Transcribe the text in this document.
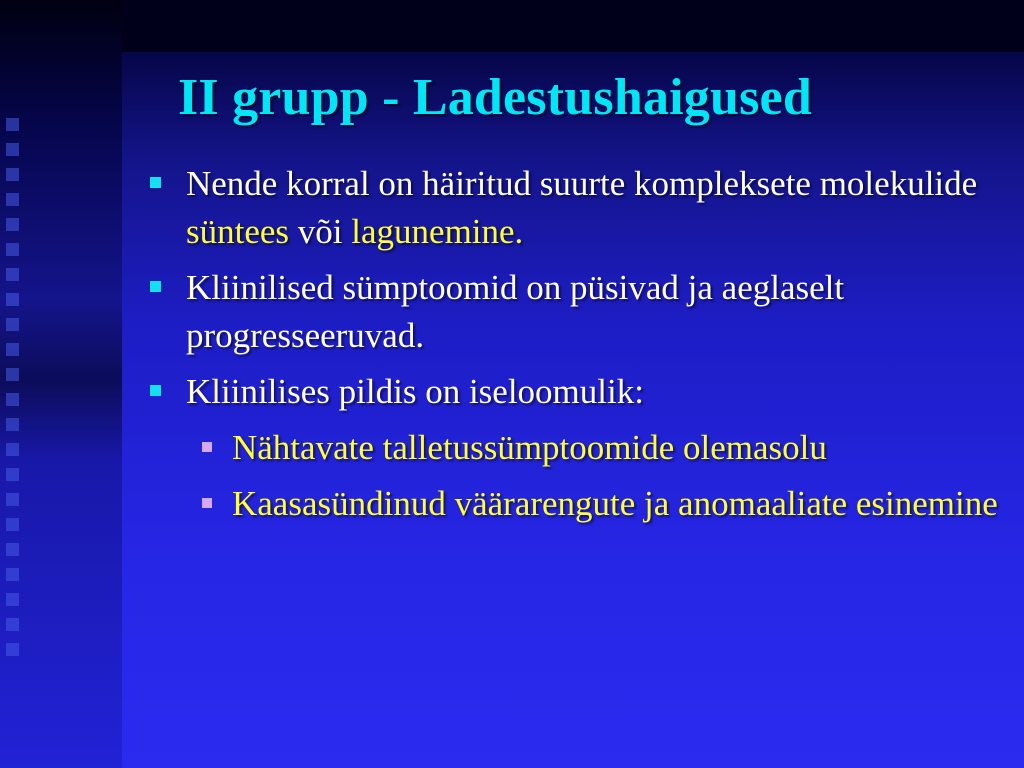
II grupp - Ladestushaigused
Nende korral on häiritud suurte kompleksete molekulide süntees või lagunemine.
Kliinilised sümptoomid on püsivad ja aeglaselt progresseeruvad.
Kliinilises pildis on iseloomulik:
Nähtavate talletussümptoomide olemasolu
Kaasasündinud väärarengute ja anomaaliate esinemine
